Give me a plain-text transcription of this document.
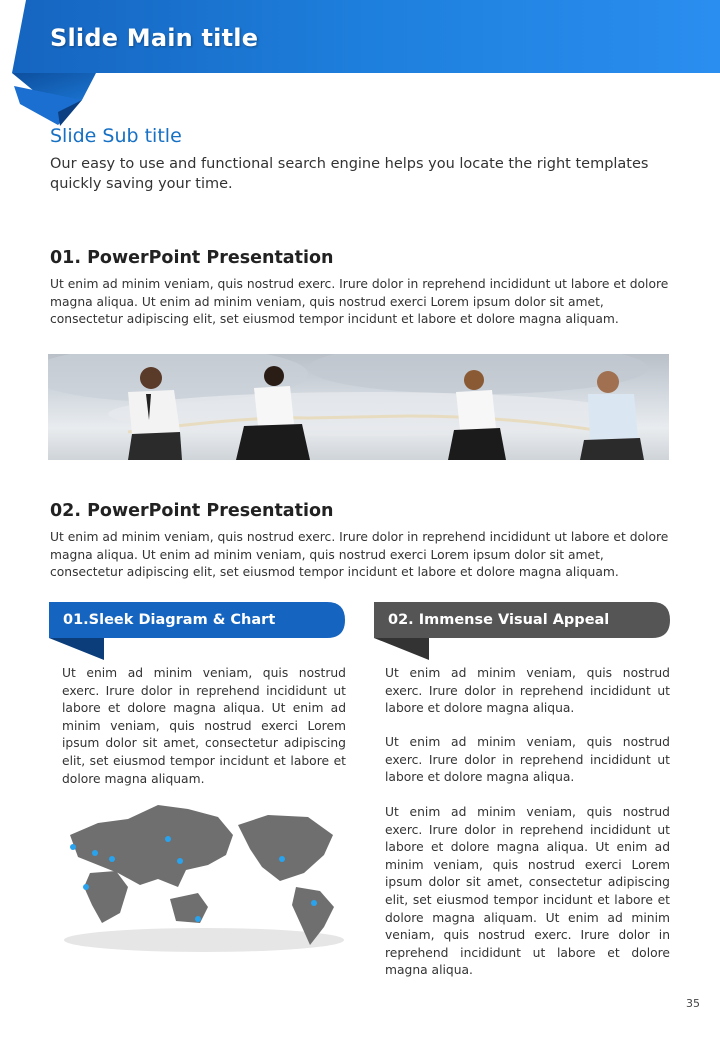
Slide Main title
Slide Sub title
Our easy to use and functional search engine helps you locate the right templates quickly saving your time.
01. PowerPoint Presentation
Ut enim ad minim veniam, quis nostrud exerc. Irure dolor in reprehend incididunt ut labore et dolore magna aliqua. Ut enim ad minim veniam, quis nostrud exerci Lorem ipsum dolor sit amet, consectetur adipiscing elit, set eiusmod tempor incidunt et labore et dolore magna aliquam.
02. PowerPoint Presentation
Ut enim ad minim veniam, quis nostrud exerc. Irure dolor in reprehend incididunt ut labore et dolore magna aliqua. Ut enim ad minim veniam, quis nostrud exerci Lorem ipsum dolor sit amet, consectetur adipiscing elit, set eiusmod tempor incidunt et labore et dolore magna aliquam.
01.Sleek Diagram & Chart	02. Immense Visual Appeal
Ut enim ad minim veniam, quis nostrud exerc. Irure dolor in reprehend incididunt ut labore et dolore magna aliqua. Ut enim ad minim veniam, quis nostrud exerci Lorem ipsum dolor sit amet, consectetur adipiscing elit, set eiusmod tempor incidunt et labore et dolore magna aliquam.
Ut enim ad minim veniam, quis nostrud exerc. Irure dolor in reprehend incididunt ut labore et dolore magna aliqua.
Ut enim ad minim veniam, quis nostrud exerc. Irure dolor in reprehend incididunt ut labore et dolore magna aliqua.
Ut enim ad minim veniam, quis nostrud exerc. Irure dolor in reprehend incididunt ut labore et dolore magna aliqua. Ut enim ad minim veniam, quis nostrud exerci Lorem ipsum dolor sit amet, consectetur adipiscing elit, set eiusmod tempor incidunt et labore et dolore magna aliquam. Ut enim ad minim veniam, quis nostrud exerc. Irure dolor in reprehend incididunt ut labore et dolore magna aliqua.
35
